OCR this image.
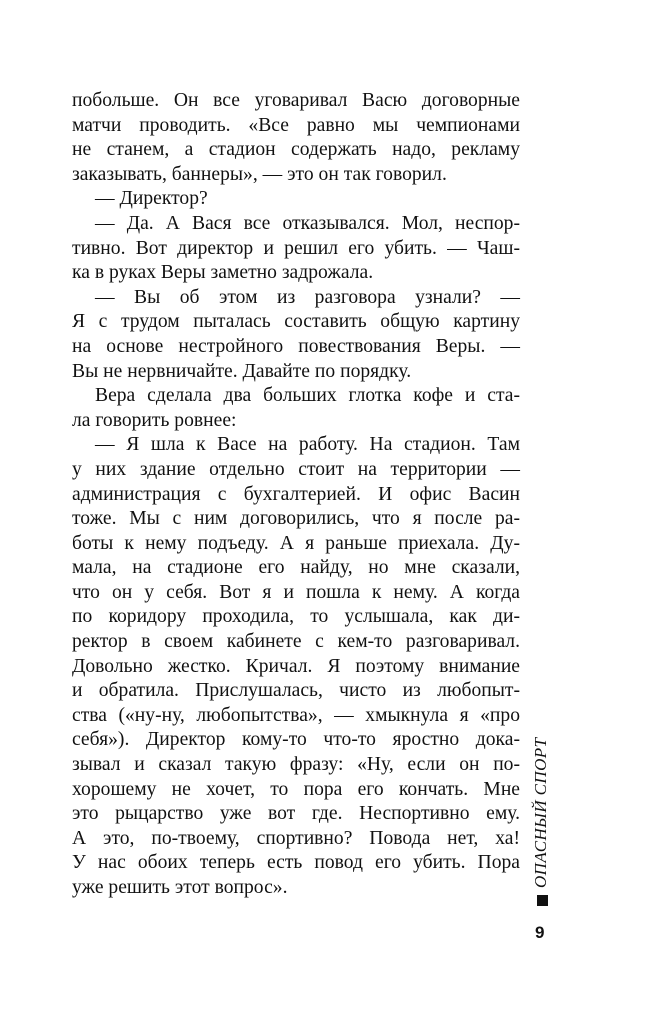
побольше. Он все уговаривал Васю договорные
матчи проводить. «Все равно мы чемпионами
не станем, а стадион содержать надо, рекламу
заказывать, баннеры», — это он так говорил.
— Директор?
— Да. А Вася все отказывался. Мол, неспор-
тивно. Вот директор и решил его убить. — Чаш-
ка в руках Веры заметно задрожала.
— Вы об этом из разговора узнали? —
Я с трудом пыталась составить общую картину
на основе нестройного повествования Веры. —
Вы не нервничайте. Давайте по порядку.
Вера сделала два больших глотка кофе и ста-
ла говорить ровнее:
— Я шла к Васе на работу. На стадион. Там
у них здание отдельно стоит на территории —
администрация с бухгалтерией. И офис Васин
тоже. Мы с ним договорились, что я после ра-
боты к нему подъеду. А я раньше приехала. Ду-
мала, на стадионе его найду, но мне сказали,
что он у себя. Вот я и пошла к нему. А когда
по коридору проходила, то услышала, как ди-
ректор в своем кабинете с кем-то разговаривал.
Довольно жестко. Кричал. Я поэтому внимание
и обратила. Прислушалась, чисто из любопыт-
ства («ну-ну, любопытства», — хмыкнула я «про
себя»). Директор кому-то что-то яростно дока-
зывал и сказал такую фразу: «Ну, если он по-
хорошему не хочет, то пора его кончать. Мне
это рыцарство уже вот где. Неспортивно ему.
А это, по-твоему, спортивно? Повода нет, ха!
У нас обоих теперь есть повод его убить. Пора
уже решить этот вопрос».	ОПАСНЫЙ СПОРТ
9
